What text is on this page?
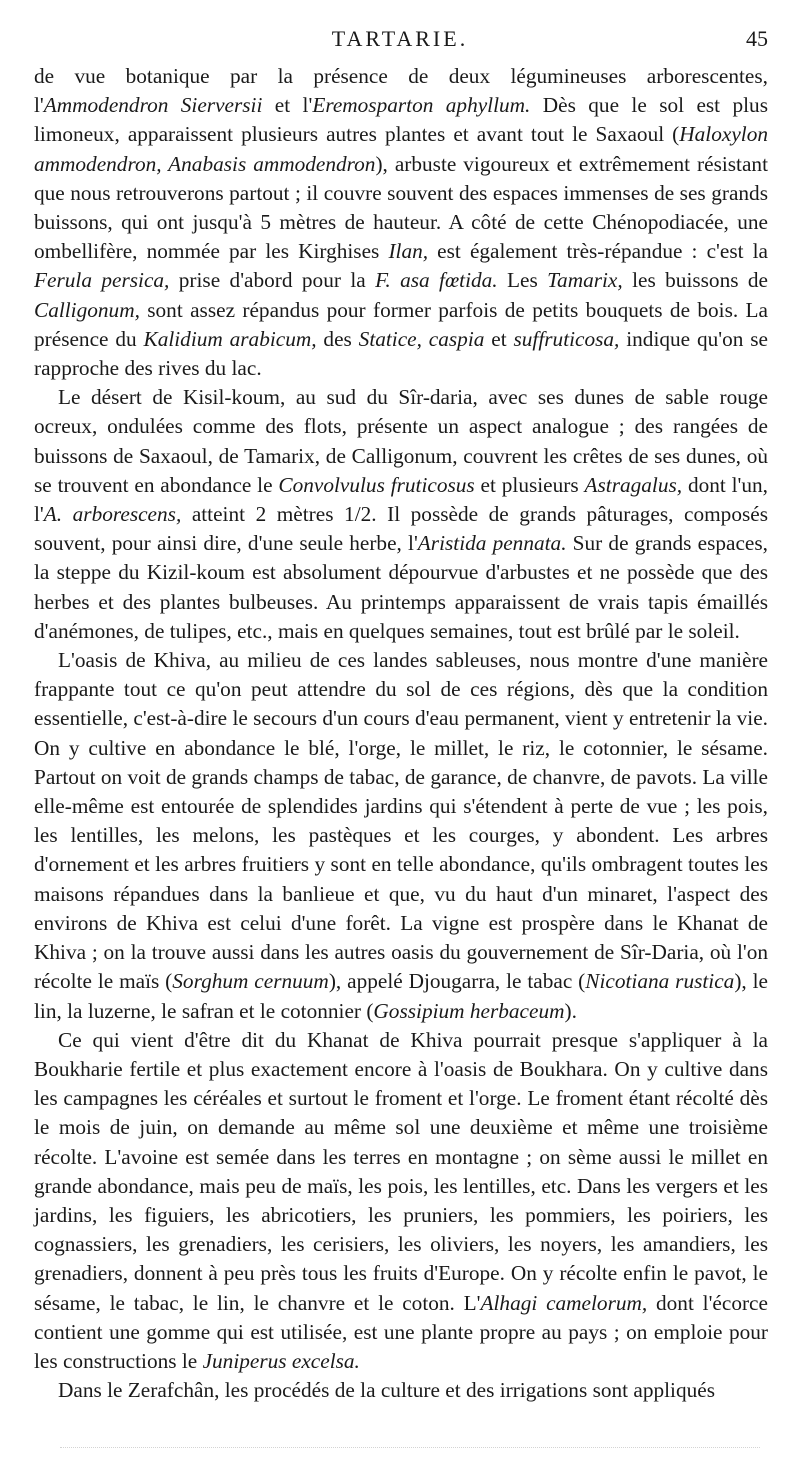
TARTARIE.	45

de vue botanique par la présence de deux légumineuses arborescentes, l'Ammodendron Sierversii et l'Eremosparton aphyllum. Dès que le sol est plus limoneux, apparaissent plusieurs autres plantes et avant tout le Saxaoul (Haloxylon ammodendron, Anabasis ammodendron), arbuste vigoureux et extrêmement résistant que nous retrouverons partout ; il couvre souvent des espaces immenses de ses grands buissons, qui ont jusqu'à 5 mètres de hauteur. A côté de cette Chénopodiacée, une ombellifère, nommée par les Kirghises Ilan, est également très-répandue : c'est la Ferula persica, prise d'abord pour la F. asa fœtida. Les Tamarix, les buissons de Calligonum, sont assez répandus pour former parfois de petits bouquets de bois. La présence du Kalidium arabicum, des Statice, caspia et suffruticosa, indique qu'on se rapproche des rives du lac.

Le désert de Kisil-koum, au sud du Sîr-daria, avec ses dunes de sable rouge ocreux, ondulées comme des flots, présente un aspect analogue ; des rangées de buissons de Saxaoul, de Tamarix, de Calligonum, couvrent les crêtes de ses dunes, où se trouvent en abondance le Convolvulus fruticosus et plusieurs Astragalus, dont l'un, l'A. arborescens, atteint 2 mètres 1/2. Il possède de grands pâturages, composés souvent, pour ainsi dire, d'une seule herbe, l'Aristida pennata. Sur de grands espaces, la steppe du Kizil-koum est absolument dépourvue d'arbustes et ne possède que des herbes et des plantes bulbeuses. Au printemps apparaissent de vrais tapis émaillés d'anémones, de tulipes, etc., mais en quelques semaines, tout est brûlé par le soleil.

L'oasis de Khiva, au milieu de ces landes sableuses, nous montre d'une manière frappante tout ce qu'on peut attendre du sol de ces régions, dès que la condition essentielle, c'est-à-dire le secours d'un cours d'eau permanent, vient y entretenir la vie. On y cultive en abondance le blé, l'orge, le millet, le riz, le cotonnier, le sésame. Partout on voit de grands champs de tabac, de garance, de chanvre, de pavots. La ville elle-même est entourée de splendides jardins qui s'étendent à perte de vue ; les pois, les lentilles, les melons, les pastèques et les courges, y abondent. Les arbres d'ornement et les arbres fruitiers y sont en telle abondance, qu'ils ombragent toutes les maisons répandues dans la banlieue et que, vu du haut d'un minaret, l'aspect des environs de Khiva est celui d'une forêt. La vigne est prospère dans le Khanat de Khiva ; on la trouve aussi dans les autres oasis du gouvernement de Sîr-Daria, où l'on récolte le maïs (Sorghum cernuum), appelé Djougarra, le tabac (Nicotiana rustica), le lin, la luzerne, le safran et le cotonnier (Gossipium herbaceum).

Ce qui vient d'être dit du Khanat de Khiva pourrait presque s'appliquer à la Boukharie fertile et plus exactement encore à l'oasis de Boukhara. On y cultive dans les campagnes les céréales et surtout le froment et l'orge. Le froment étant récolté dès le mois de juin, on demande au même sol une deuxième et même une troisième récolte. L'avoine est semée dans les terres en montagne ; on sème aussi le millet en grande abondance, mais peu de maïs, les pois, les lentilles, etc. Dans les vergers et les jardins, les figuiers, les abricotiers, les pruniers, les pommiers, les poiriers, les cognassiers, les grenadiers, les cerisiers, les oliviers, les noyers, les amandiers, les grenadiers, donnent à peu près tous les fruits d'Europe. On y récolte enfin le pavot, le sésame, le tabac, le lin, le chanvre et le coton. L'Alhagi camelorum, dont l'écorce contient une gomme qui est utilisée, est une plante propre au pays ; on emploie pour les constructions le Juniperus excelsa.

Dans le Zerafchân, les procédés de la culture et des irrigations sont appliqués
